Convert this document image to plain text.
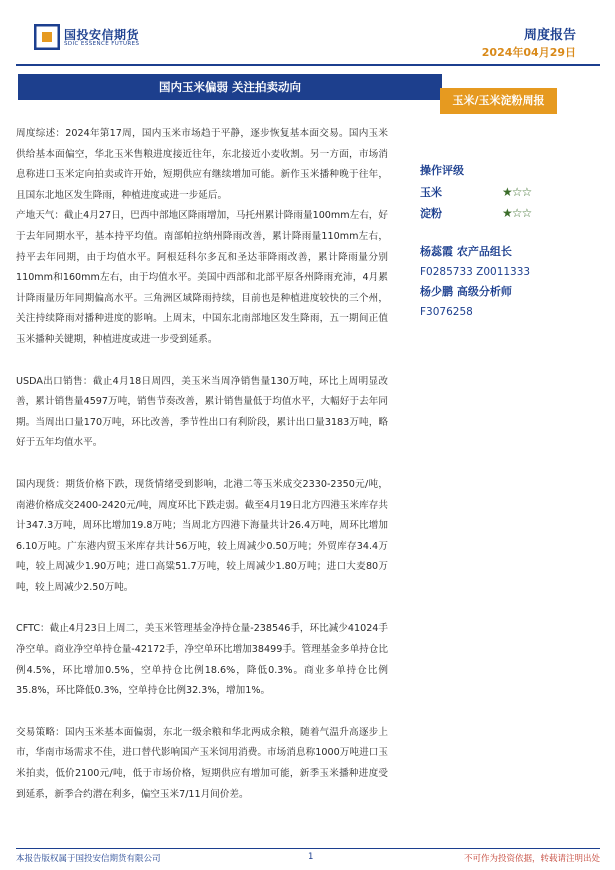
国投安信期货
SDIC ESSENCE FUTURES
周度报告
2024年04月29日
国内玉米偏弱 关注拍卖动向
玉米/玉米淀粉周报

周度综述：2024年第17周，国内玉米市场趋于平静，逐步恢复基本面交易。国内玉米供给基本面偏空，华北玉米售粮进度接近往年，东北接近小麦收割。另一方面，市场消息称进口玉米定向拍卖或许开始，短期供应有继续增加可能。新作玉米播种晚于往年，且国东北地区发生降雨，种植进度或进一步延后。

产地天气：截止4月27日，巴西中部地区降雨增加，马托州累计降雨量100mm左右，好于去年同期水平，基本持平均值。南部帕拉纳州降雨改善，累计降雨量110mm左右，持平去年同期，由于均值水平。阿根廷科尔多瓦和圣达菲降雨改善，累计降雨量分别110mm和160mm左右，由于均值水平。美国中西部和北部平原各州降雨充沛，4月累计降雨量历年同期偏高水平。三角洲区域降雨持续，目前也是种植进度较快的三个州，关注持续降雨对播种进度的影响。上周末，中国东北南部地区发生降雨，五一期间正值玉米播种关键期，种植进度或进一步受到延系。

USDA出口销售：截止4月18日周四，美玉米当周净销售量130万吨，环比上周明显改善，累计销售量4597万吨，销售节奏改善，累计销售量低于均值水平，大幅好于去年同期。当周出口量170万吨，环比改善，季节性出口有利阶段，累计出口量3183万吨，略好于五年均值水平。

国内现货：期货价格下跌，现货情绪受到影响，北港二等玉米成交2330-2350元/吨，南港价格成交2400-2420元/吨，周度环比下跌走弱。截至4月19日北方四港玉米库存共计347.3万吨，周环比增加19.8万吨；当周北方四港下海量共计26.4万吨，周环比增加6.10万吨。广东港内贸玉米库存共计56万吨，较上周减少0.50万吨；外贸库存34.4万吨，较上周减少1.90万吨；进口高粱51.7万吨，较上周减少1.80万吨；进口大麦80万吨，较上周减少2.50万吨。

CFTC：截止4月23日上周二，美玉米管理基金净持仓量-238546手，环比减少41024手净空单。商业净空单持仓量-42172手，净空单环比增加38499手。管理基金多单持仓比例4.5%，环比增加0.5%，空单持仓比例18.6%，降低0.3%。商业多单持仓比例35.8%，环比降低0.3%，空单持仓比例32.3%，增加1%。

交易策略：国内玉米基本面偏弱，东北一级余粮和华北两成余粮，随着气温升高逐步上市，华南市场需求不佳，进口替代影响国产玉米饲用消费。市场消息称1000万吨进口玉米拍卖，低价2100元/吨，低于市场价格，短期供应有增加可能，新季玉米播种进度受到延系，新季合约潜在利多，偏空玉米7/11月间价差。

操作评级
玉米	★☆☆
淀粉	★☆☆
杨蕊霞 农产品组长
F0285733 Z0011333
杨少鹏 高级分析师
F3076258
本报告版权属于国投安信期货有限公司	1	不可作为投资依据，转载请注明出处
